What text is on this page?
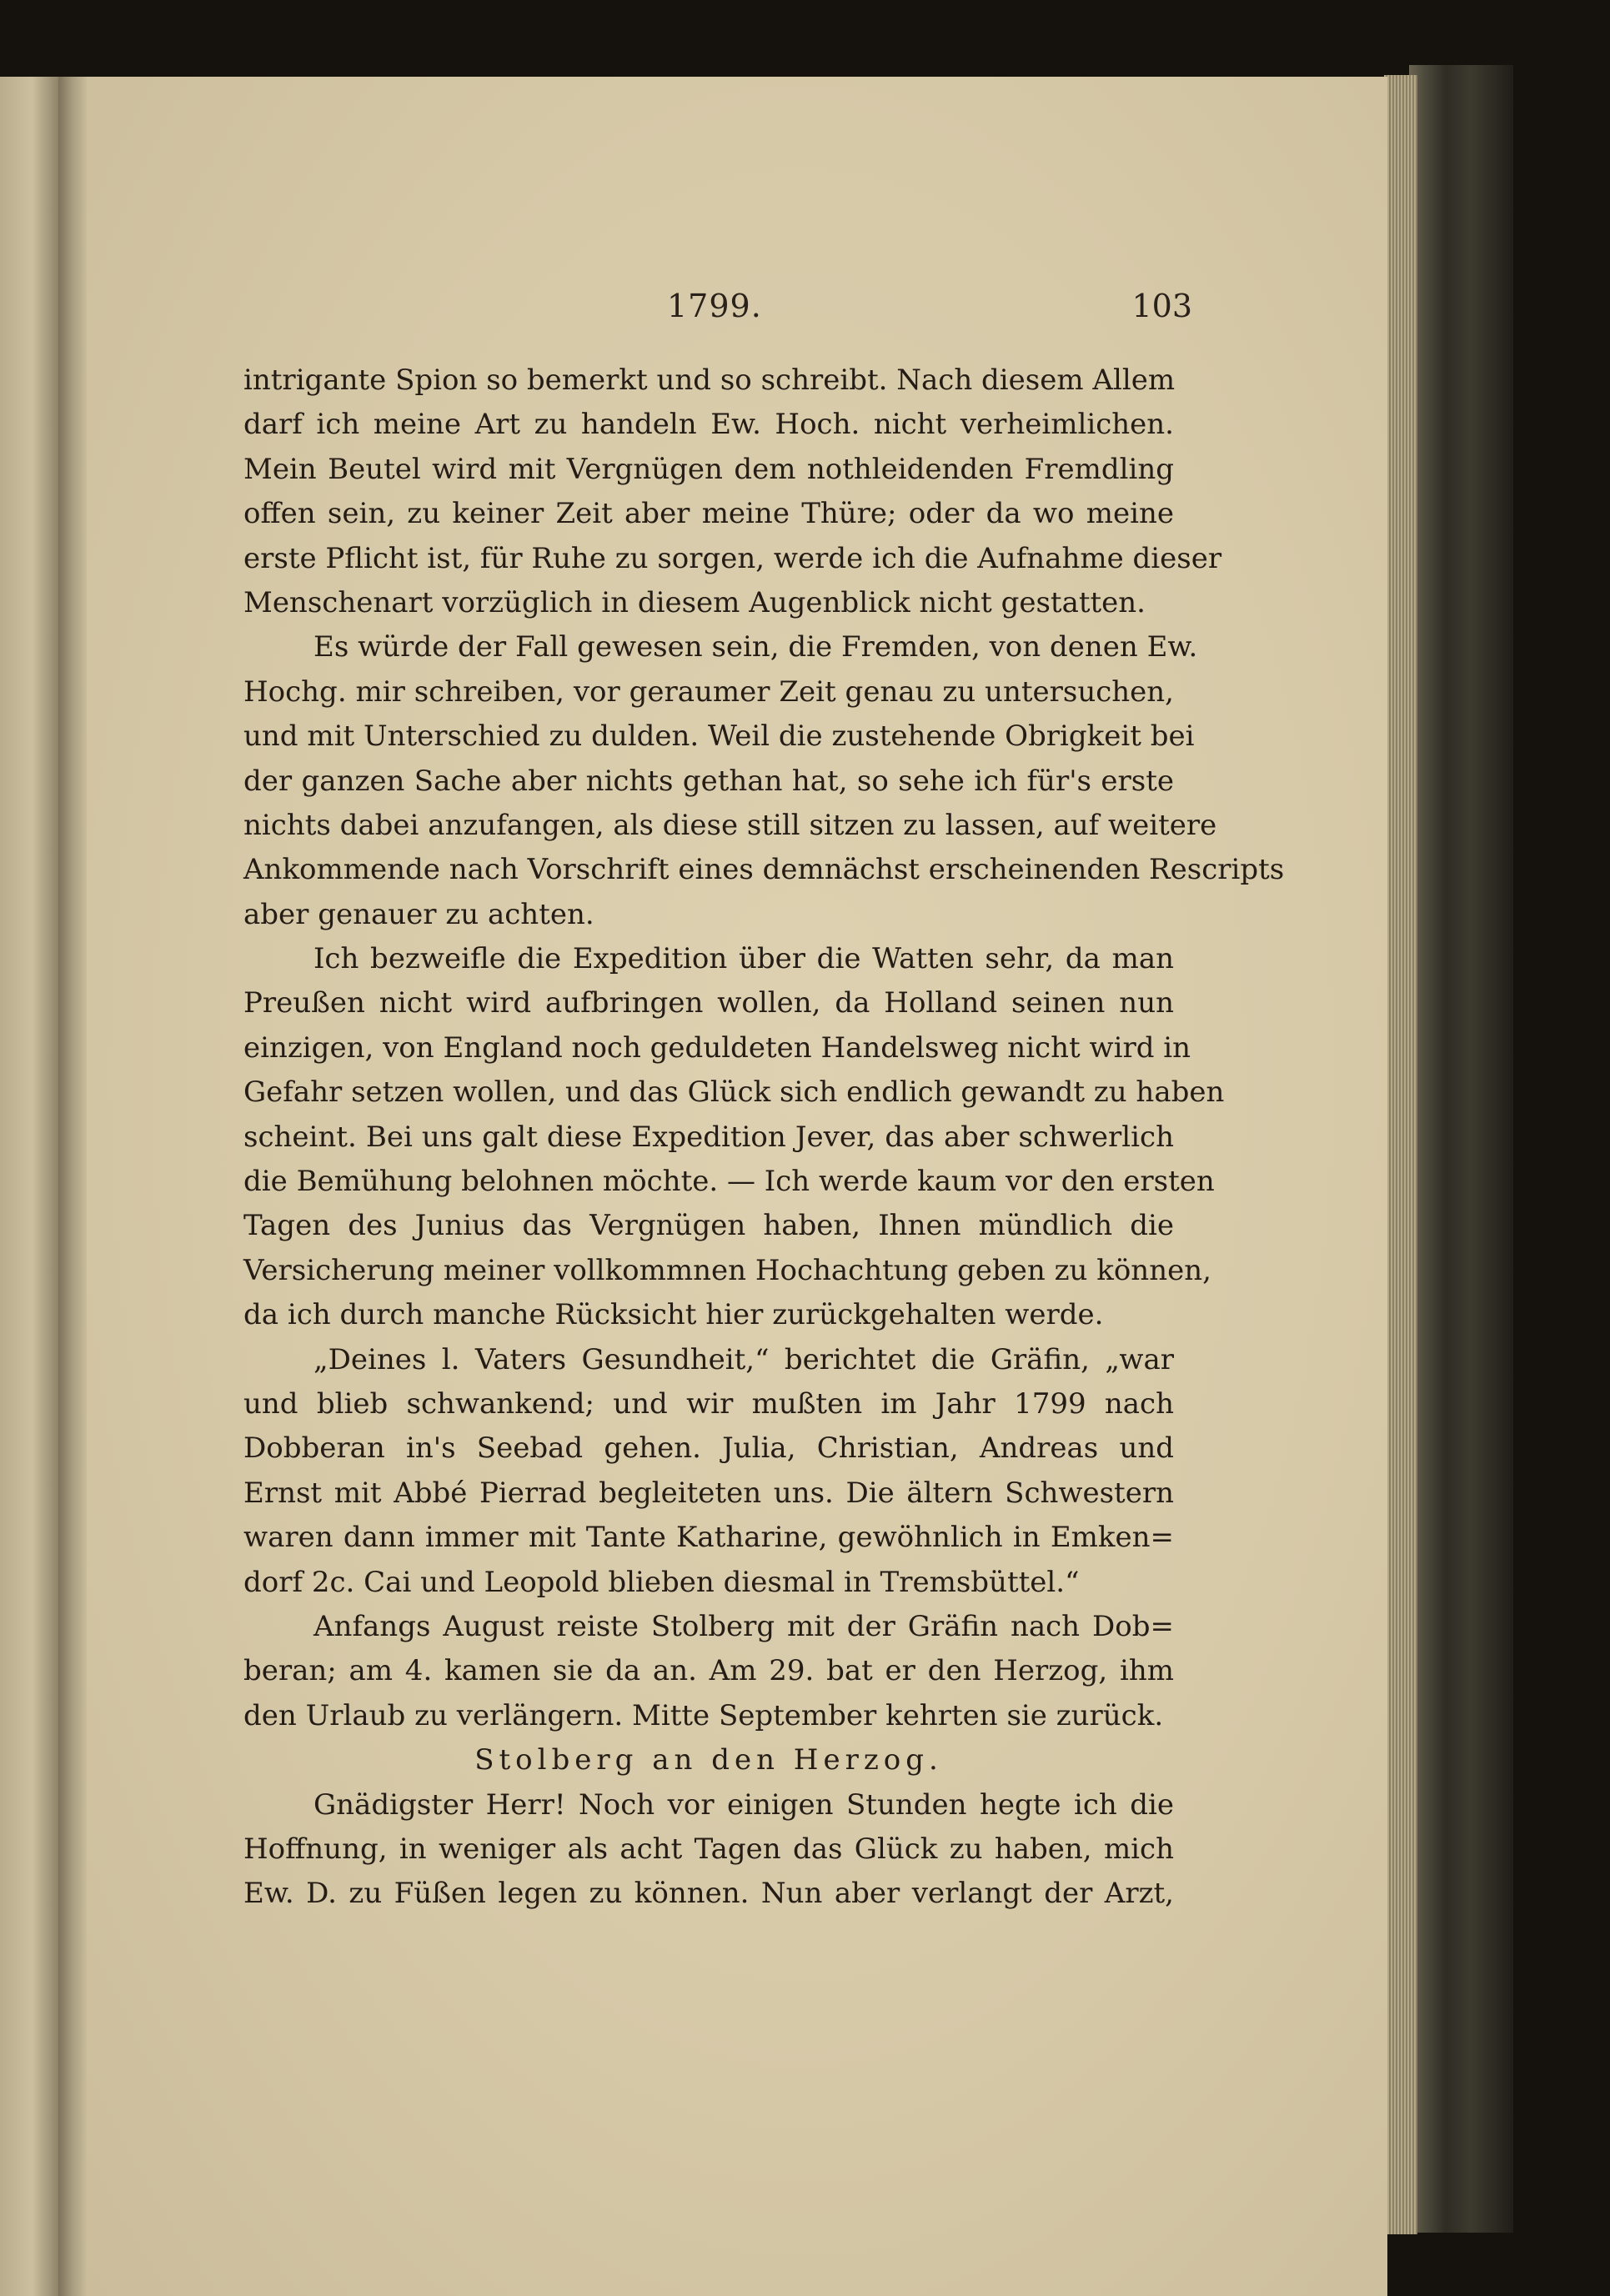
1799.	103
intrigante Spion so bemerkt und so schreibt. Nach diesem Allem
darf ich meine Art zu handeln Ew. Hoch. nicht verheimlichen.
Mein Beutel wird mit Vergnügen dem nothleidenden Fremdling
offen sein, zu keiner Zeit aber meine Thüre; oder da wo meine
erste Pflicht ist, für Ruhe zu sorgen, werde ich die Aufnahme dieser
Menschenart vorzüglich in diesem Augenblick nicht gestatten.
Es würde der Fall gewesen sein, die Fremden, von denen Ew.
Hochg. mir schreiben, vor geraumer Zeit genau zu untersuchen,
und mit Unterschied zu dulden. Weil die zustehende Obrigkeit bei
der ganzen Sache aber nichts gethan hat, so sehe ich für's erste
nichts dabei anzufangen, als diese still sitzen zu lassen, auf weitere
Ankommende nach Vorschrift eines demnächst erscheinenden Rescripts
aber genauer zu achten.
Ich bezweifle die Expedition über die Watten sehr, da man
Preußen nicht wird aufbringen wollen, da Holland seinen nun
einzigen, von England noch geduldeten Handelsweg nicht wird in
Gefahr setzen wollen, und das Glück sich endlich gewandt zu haben
scheint. Bei uns galt diese Expedition Jever, das aber schwerlich
die Bemühung belohnen möchte. — Ich werde kaum vor den ersten
Tagen des Junius das Vergnügen haben, Ihnen mündlich die
Versicherung meiner vollkommnen Hochachtung geben zu können,
da ich durch manche Rücksicht hier zurückgehalten werde.
„Deines l. Vaters Gesundheit,“ berichtet die Gräfin, „war
und blieb schwankend; und wir mußten im Jahr 1799 nach
Dobberan in's Seebad gehen. Julia, Christian, Andreas und
Ernst mit Abbé Pierrad begleiteten uns. Die ältern Schwestern
waren dann immer mit Tante Katharine, gewöhnlich in Emken=
dorf 2c. Cai und Leopold blieben diesmal in Tremsbüttel.“
Anfangs August reiste Stolberg mit der Gräfin nach Dob=
beran; am 4. kamen sie da an. Am 29. bat er den Herzog, ihm
den Urlaub zu verlängern. Mitte September kehrten sie zurück.
Stolberg an den Herzog.
Gnädigster Herr! Noch vor einigen Stunden hegte ich die
Hoffnung, in weniger als acht Tagen das Glück zu haben, mich
Ew. D. zu Füßen legen zu können. Nun aber verlangt der Arzt,
